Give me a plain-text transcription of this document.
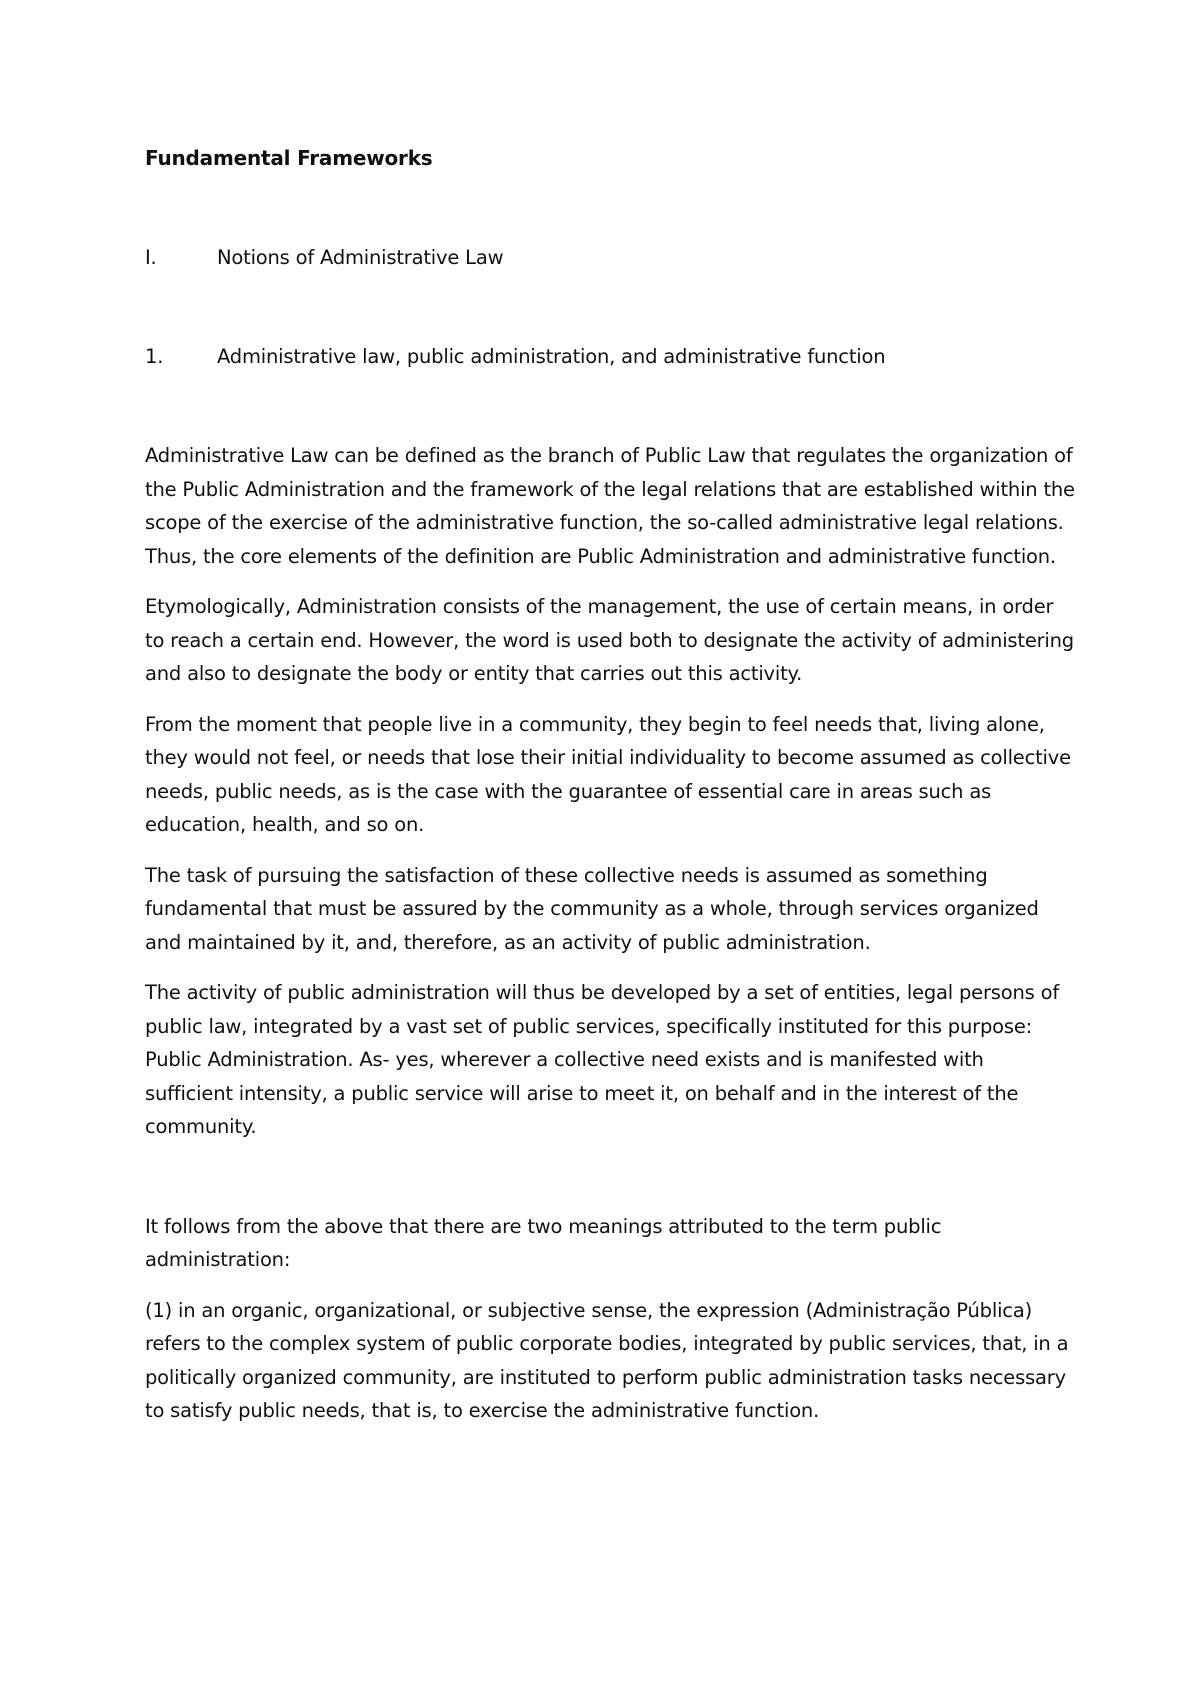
Fundamental Frameworks
I.	Notions of Administrative Law
1.	Administrative law, public administration, and administrative function

Administrative Law can be defined as the branch of Public Law that regulates the organization of the Public Administration and the framework of the legal relations that are established within the scope of the exercise of the administrative function, the so-called administrative legal relations. Thus, the core elements of the definition are Public Administration and administrative function.

Etymologically, Administration consists of the management, the use of certain means, in order to reach a certain end. However, the word is used both to designate the activity of administering and also to designate the body or entity that carries out this activity.

From the moment that people live in a community, they begin to feel needs that, living alone, they would not feel, or needs that lose their initial individuality to become assumed as collective needs, public needs, as is the case with the guarantee of essential care in areas such as education, health, and so on.

The task of pursuing the satisfaction of these collective needs is assumed as something fundamental that must be assured by the community as a whole, through services organized and maintained by it, and, therefore, as an activity of public administration.

The activity of public administration will thus be developed by a set of entities, legal persons of public law, integrated by a vast set of public services, specifically instituted for this purpose: Public Administration. As- yes, wherever a collective need exists and is manifested with sufficient intensity, a public service will arise to meet it, on behalf and in the interest of the community.

It follows from the above that there are two meanings attributed to the term public administration:

(1) in an organic, organizational, or subjective sense, the expression (Administração Pública) refers to the complex system of public corporate bodies, integrated by public services, that, in a politically organized community, are instituted to perform public administration tasks necessary to satisfy public needs, that is, to exercise the administrative function.
